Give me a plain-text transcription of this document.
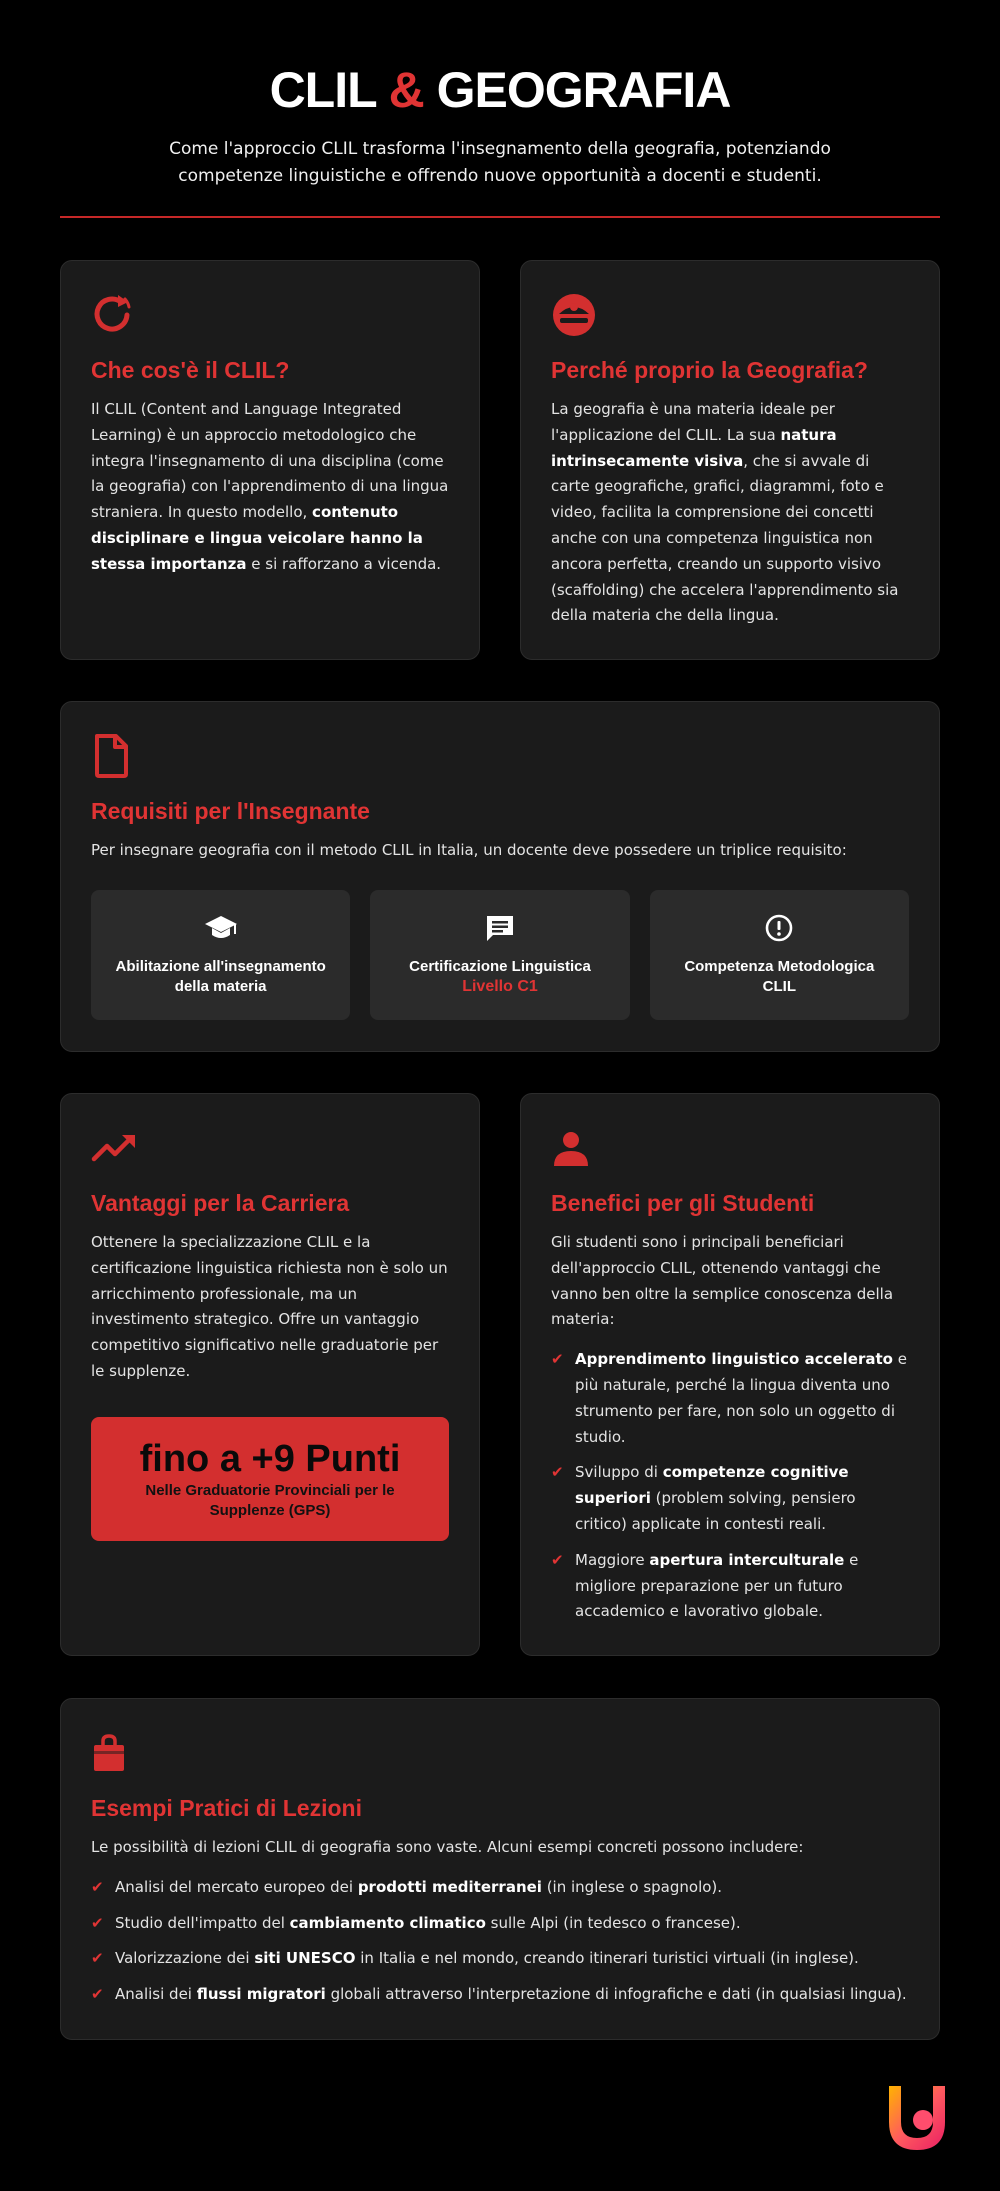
CLIL & GEOGRAFIA

Come l'approccio CLIL trasforma l'insegnamento della geografia, potenziando competenze linguistiche e offrendo nuove opportunità a docenti e studenti.

Che cos'è il CLIL?

Il CLIL (Content and Language Integrated Learning) è un approccio metodologico che integra l'insegnamento di una disciplina (come la geografia) con l'apprendimento di una lingua straniera. In questo modello, contenuto disciplinare e lingua veicolare hanno la stessa importanza e si rafforzano a vicenda.

Perché proprio la Geografia?

La geografia è una materia ideale per l'applicazione del CLIL. La sua natura intrinsecamente visiva, che si avvale di carte geografiche, grafici, diagrammi, foto e video, facilita la comprensione dei concetti anche con una competenza linguistica non ancora perfetta, creando un supporto visivo (scaffolding) che accelera l'apprendimento sia della materia che della lingua.

Requisiti per l'Insegnante

Per insegnare geografia con il metodo CLIL in Italia, un docente deve possedere un triplice requisito:

Abilitazione all'insegnamento della materia
Certificazione Linguistica
Livello C1
Competenza Metodologica CLIL
Vantaggi per la Carriera

Ottenere la specializzazione CLIL e la certificazione linguistica richiesta non è solo un arricchimento professionale, ma un investimento strategico. Offre un vantaggio competitivo significativo nelle graduatorie per le supplenze.

fino a +9 Punti
Nelle Graduatorie Provinciali per le Supplenze (GPS)
Benefici per gli Studenti

Gli studenti sono i principali beneficiari dell'approccio CLIL, ottenendo vantaggi che vanno ben oltre la semplice conoscenza della materia:

✔ Apprendimento linguistico accelerato e più naturale, perché la lingua diventa uno strumento per fare, non solo un oggetto di studio.
✔ Sviluppo di competenze cognitive superiori (problem solving, pensiero critico) applicate in contesti reali.
✔ Maggiore apertura interculturale e migliore preparazione per un futuro accademico e lavorativo globale.
Esempi Pratici di Lezioni

Le possibilità di lezioni CLIL di geografia sono vaste. Alcuni esempi concreti possono includere:

✔ Analisi del mercato europeo dei prodotti mediterranei (in inglese o spagnolo).
✔ Studio dell'impatto del cambiamento climatico sulle Alpi (in tedesco o francese).
✔ Valorizzazione dei siti UNESCO in Italia e nel mondo, creando itinerari turistici virtuali (in inglese).
✔ Analisi dei flussi migratori globali attraverso l'interpretazione di infografiche e dati (in qualsiasi lingua).
